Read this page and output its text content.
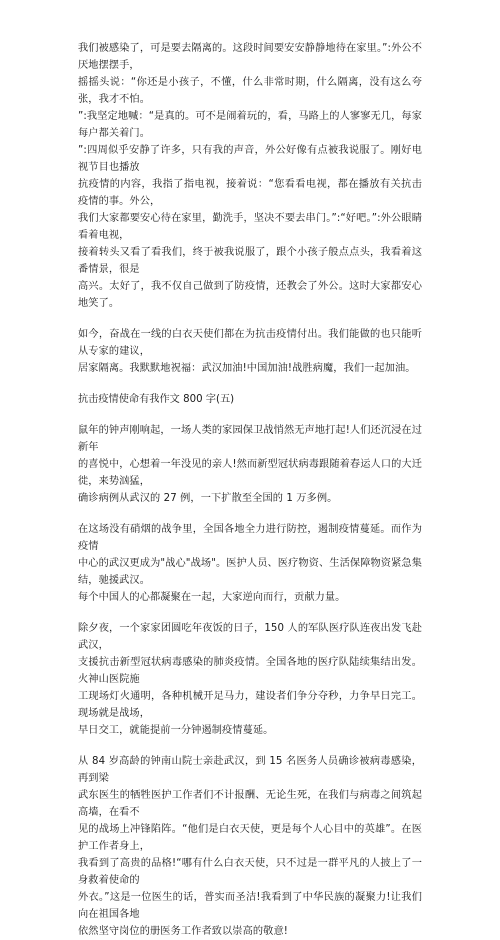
我们被感染了，可是要去隔离的。这段时间要安安静静地待在家里。”:外公不厌地摆摆手，
摇摇头说：“你还是小孩子，不懂，什么非常时期，什么隔离，没有这么夸张，我才不怕。
”:我坚定地喊：“是真的。可不是闹着玩的，看，马路上的人寥寥无几，每家每户都关着门。
”:四周似乎安静了许多，只有我的声音，外公好像有点被我说服了。刚好电视节目也播放
抗疫情的内容，我指了指电视，接着说：“您看看电视，都在播放有关抗击疫情的事。外公，
我们大家都要安心待在家里，勤洗手，坚决不要去串门。”:“好吧。”:外公眼睛看着电视，
接着转头又看了看我们，终于被我说服了，跟个小孩子般点点头，我看着这番情景，很是
高兴。太好了，我不仅自己做到了防疫情，还教会了外公。这时大家都安心地笑了。

如今，奋战在一线的白衣天使们都在为抗击疫情付出。我们能做的也只能听从专家的建议，
居家隔离。我默默地祝福：武汉加油!中国加油!战胜病魔，我们一起加油。

抗击疫情使命有我作文 800 字(五)

鼠年的钟声刚响起，一场人类的家园保卫战悄然无声地打起!人们还沉浸在过新年
的喜悦中，心想着一年没见的亲人!然而新型冠状病毒跟随着春运人口的大迁徙，来势汹猛，
确诊病例从武汉的 27 例，一下扩散至全国的 1 万多例。

在这场没有硝烟的战争里，全国各地全力进行防控，遏制疫情蔓延。而作为疫情
中心的武汉更成为"战心"战场"。医护人员、医疗物资、生活保障物资紧急集结，驰援武汉。
每个中国人的心都凝聚在一起，大家逆向而行，贡献力量。

除夕夜，一个家家团圆吃年夜饭的日子，150 人的军队医疗队连夜出发飞赴武汉，
支援抗击新型冠状病毒感染的肺炎疫情。全国各地的医疗队陆续集结出发。火神山医院施
工现场灯火通明，各种机械开足马力，建设者们争分夺秒，力争早日完工。现场就是战场，
早日交工，就能提前一分钟遏制疫情蔓延。

从 84 岁高龄的钟南山院士亲赴武汉，到 15 名医务人员确诊被病毒感染，再到梁
武东医生的牺牲医护工作者们不计报酬、无论生死，在我们与病毒之间筑起高墙，在看不
见的战场上冲锋陷阵。“他们是白衣天使，更是每个人心目中的英雄”。在医护工作者身上，
我看到了高贵的品格!“哪有什么白衣天使，只不过是一群平凡的人披上了一身救着使命的
外衣。”这是一位医生的话，普实而圣洁!我看到了中华民族的凝聚力!让我们向在祖国各地
依然坚守岗位的册医务工作者致以崇高的敬意!
